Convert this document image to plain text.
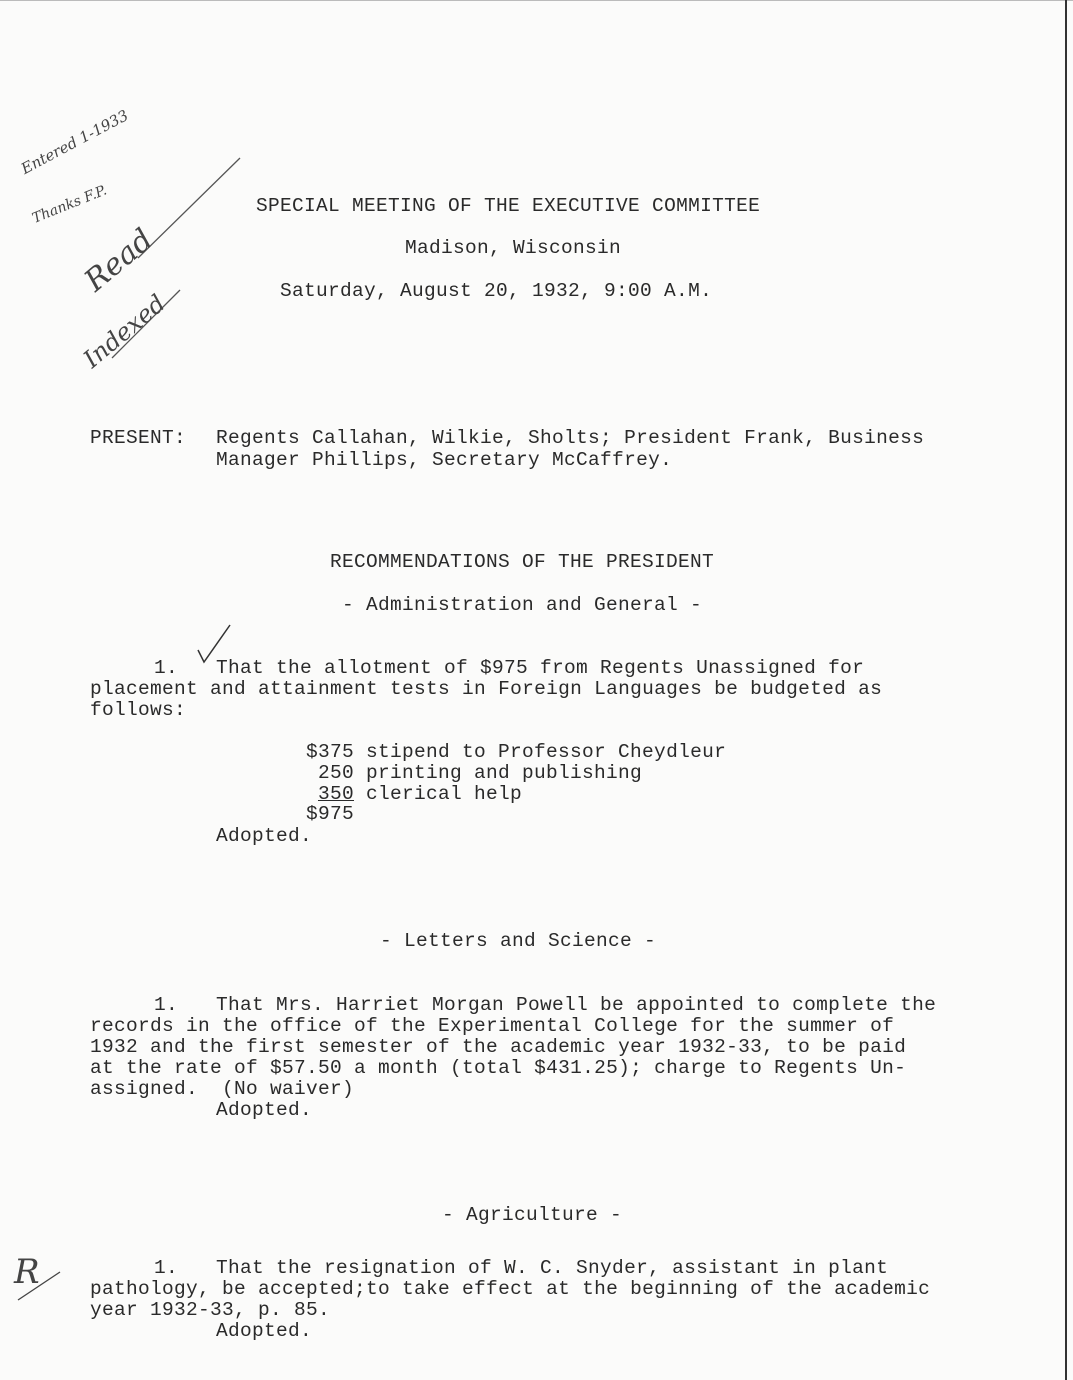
Entered 1-1933
Thanks F.P.
Read
Indexed
R
SPECIAL MEETING OF THE EXECUTIVE COMMITTEE
Madison, Wisconsin
Saturday, August 20, 1932, 9:00 A.M.
PRESENT: Regents Callahan, Wilkie, Sholts; President Frank, Business
Manager Phillips, Secretary McCaffrey.
RECOMMENDATIONS OF THE PRESIDENT
- Administration and General -
1. That the allotment of $975 from Regents Unassigned for
placement and attainment tests in Foreign Languages be budgeted as
follows:
$375 stipend to Professor Cheydleur
250 printing and publishing
350 clerical help
$975
Adopted.
- Letters and Science -
1. That Mrs. Harriet Morgan Powell be appointed to complete the
records in the office of the Experimental College for the summer of
1932 and the first semester of the academic year 1932-33, to be paid
at the rate of $57.50 a month (total $431.25); charge to Regents Un-
assigned.  (No waiver)
Adopted.
- Agriculture -
1. That the resignation of W. C. Snyder, assistant in plant
pathology, be accepted;to take effect at the beginning of the academic
year 1932-33, p. 85.
Adopted.
